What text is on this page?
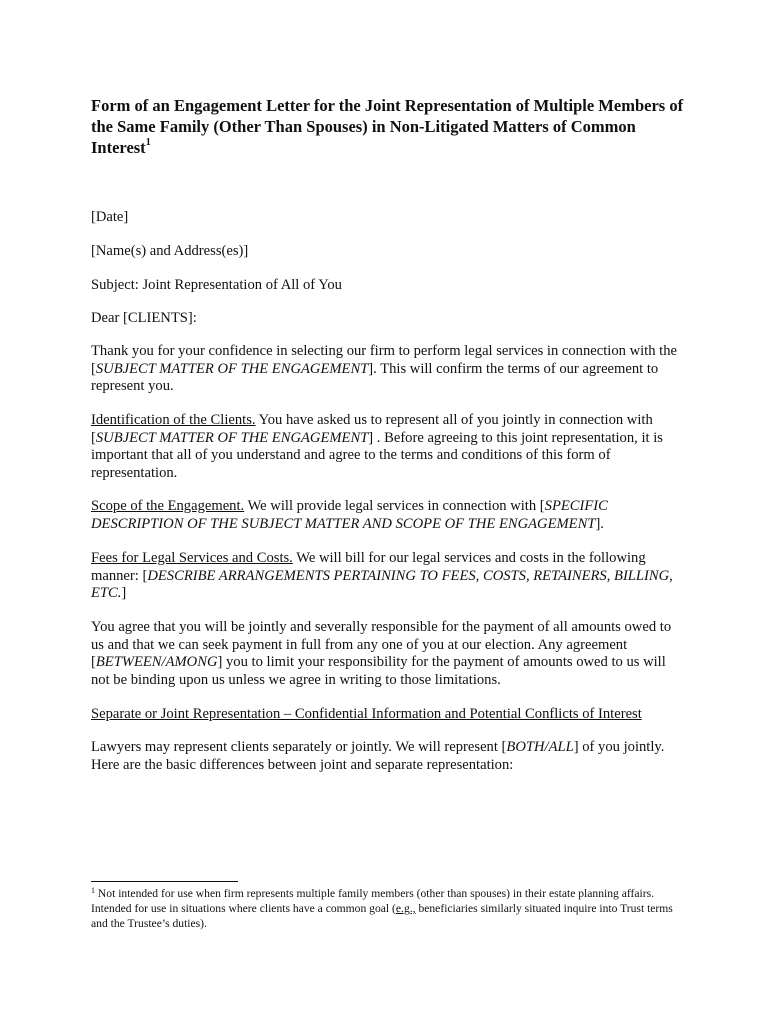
Form of an Engagement Letter for the Joint Representation of Multiple Members of the Same Family (Other Than Spouses) in Non-Litigated Matters of Common Interest$^1$
[Date]
[Name(s) and Address(es)]
Subject: Joint Representation of All of You
Dear [CLIENTS]:
Thank you for your confidence in selecting our firm to perform legal services in connection with the [SUBJECT MATTER OF THE ENGAGEMENT]. This will confirm the terms of our agreement to represent you.
Identification of the Clients. You have asked us to represent all of you jointly in connection with [SUBJECT MATTER OF THE ENGAGEMENT] . Before agreeing to this joint representation, it is important that all of you understand and agree to the terms and conditions of this form of representation.
Scope of the Engagement. We will provide legal services in connection with [SPECIFIC DESCRIPTION OF THE SUBJECT MATTER AND SCOPE OF THE ENGAGEMENT].
Fees for Legal Services and Costs. We will bill for our legal services and costs in the following manner: [DESCRIBE ARRANGEMENTS PERTAINING TO FEES, COSTS, RETAINERS, BILLING, ETC.]
You agree that you will be jointly and severally responsible for the payment of all amounts owed to us and that we can seek payment in full from any one of you at our election. Any agreement [BETWEEN/AMONG] you to limit your responsibility for the payment of amounts owed to us will not be binding upon us unless we agree in writing to those limitations.
Separate or Joint Representation – Confidential Information and Potential Conflicts of Interest
Lawyers may represent clients separately or jointly. We will represent [BOTH/ALL] of you jointly. Here are the basic differences between joint and separate representation:
$^1$ Not intended for use when firm represents multiple family members (other than spouses) in their estate planning affairs. Intended for use in situations where clients have a common goal (e.g., beneficiaries similarly situated inquire into Trust terms and the Trustee’s duties).
